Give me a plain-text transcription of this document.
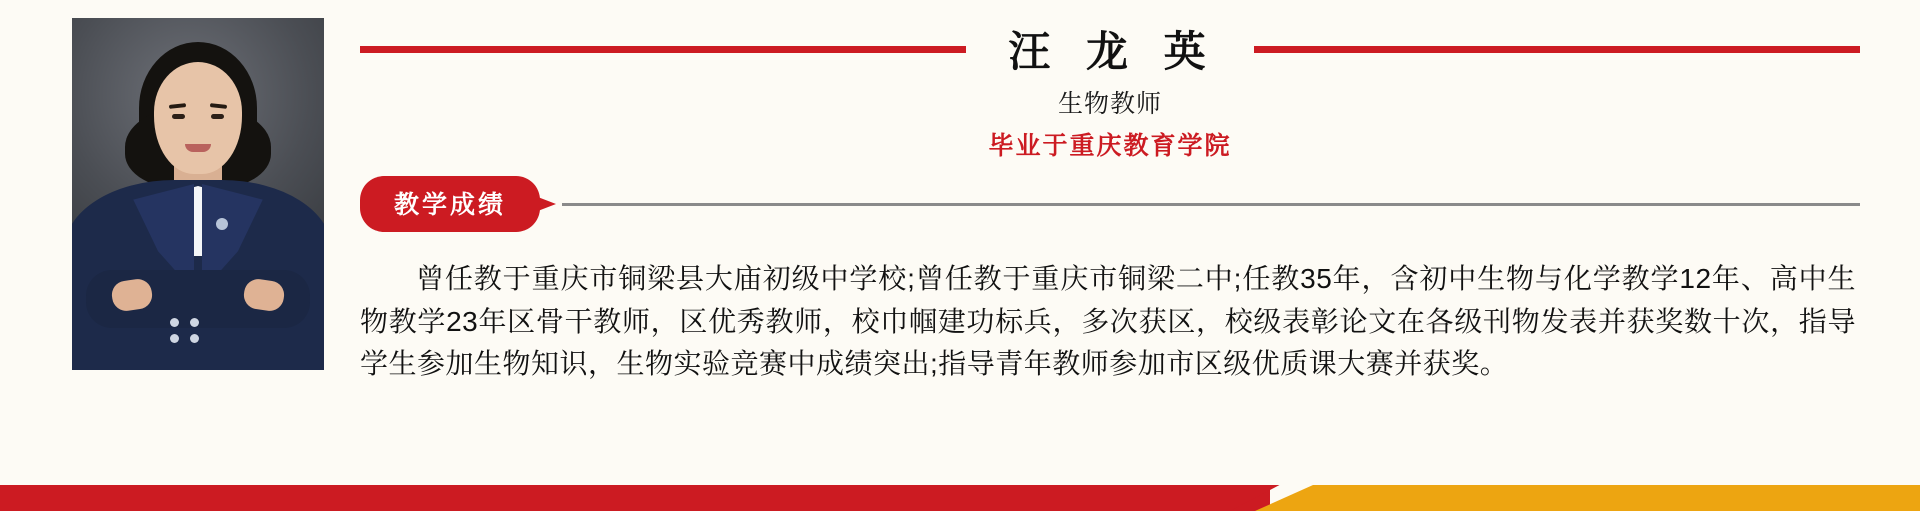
汪 龙 英
生物教师
毕业于重庆教育学院
教学成绩
曾任教于重庆市铜梁县大庙初级中学校;曾任教于重庆市铜梁二中;任教35年，含初中生物与化学教学12年、高中生物教学23年区骨干教师，区优秀教师，校巾帼建功标兵，多次获区，校级表彰论文在各级刊物发表并获奖数十次，指导学生参加生物知识，生物实验竞赛中成绩突出;指导青年教师参加市区级优质课大赛并获奖。
